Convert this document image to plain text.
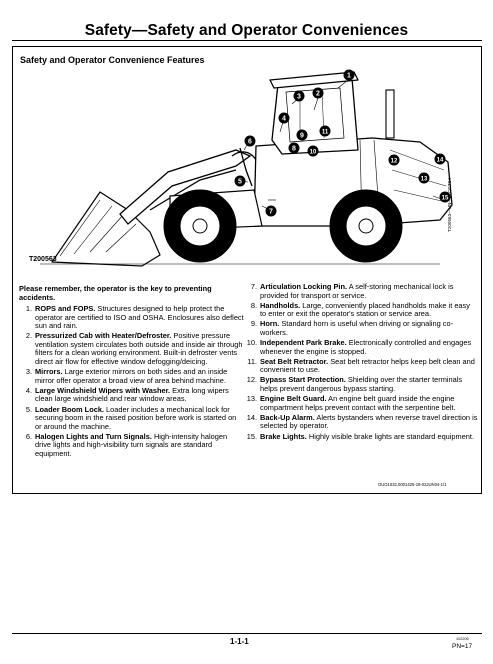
Safety—Safety and Operator Conveniences
Safety and Operator Convenience Features
1
2
3
4
5
6
7
8
9
10
11
12
13
14
15
T200563
T200563—UN—27OCT04
Please remember, the operator is the key to preventing accidents.
1. ROPS and FOPS. Structures designed to help protect the operator are certified to ISO and OSHA. Enclosures also deflect sun and rain.
2. Pressurized Cab with Heater/Defroster. Positive pressure ventilation system circulates both outside and inside air through filters for a clean working environment. Built-in defroster vents direct air flow for effective window defogging/deicing.
3. Mirrors. Large exterior mirrors on both sides and an inside mirror offer operator a broad view of area behind machine.
4. Large Windshield Wipers with Washer. Extra long wipers clean large windshield and rear window areas.
5. Loader Boom Lock. Loader includes a mechanical lock for securing boom in the raised position before work is started on or around the machine.
6. Halogen Lights and Turn Signals. High-intensity halogen drive lights and high-visibility turn signals are standard equipment.
7. Articulation Locking Pin. A self-storing mechanical lock is provided for transport or service.
8. Handholds. Large, conveniently placed handholds make it easy to enter or exit the operator's station or service area.
9. Horn. Standard horn is useful when driving or signaling co-workers.
10. Independent Park Brake. Electronically controlled and engages whenever the engine is stopped.
11. Seat Belt Retractor. Seat belt retractor helps keep belt clean and convenient to use.
12. Bypass Start Protection. Shielding over the starter terminals helps prevent dangerous bypass starting.
13. Engine Belt Guard. An engine belt guard inside the engine compartment helps prevent contact with the serpentine belt.
14. Back-Up Alarm. Alerts bystanders when reverse travel direction is selected by operator.
15. Brake Lights. Highly visible brake lights are standard equipment.
OUO1032,0001425-19-02JUN04-1/1
1-1-1	102205
PN=17
